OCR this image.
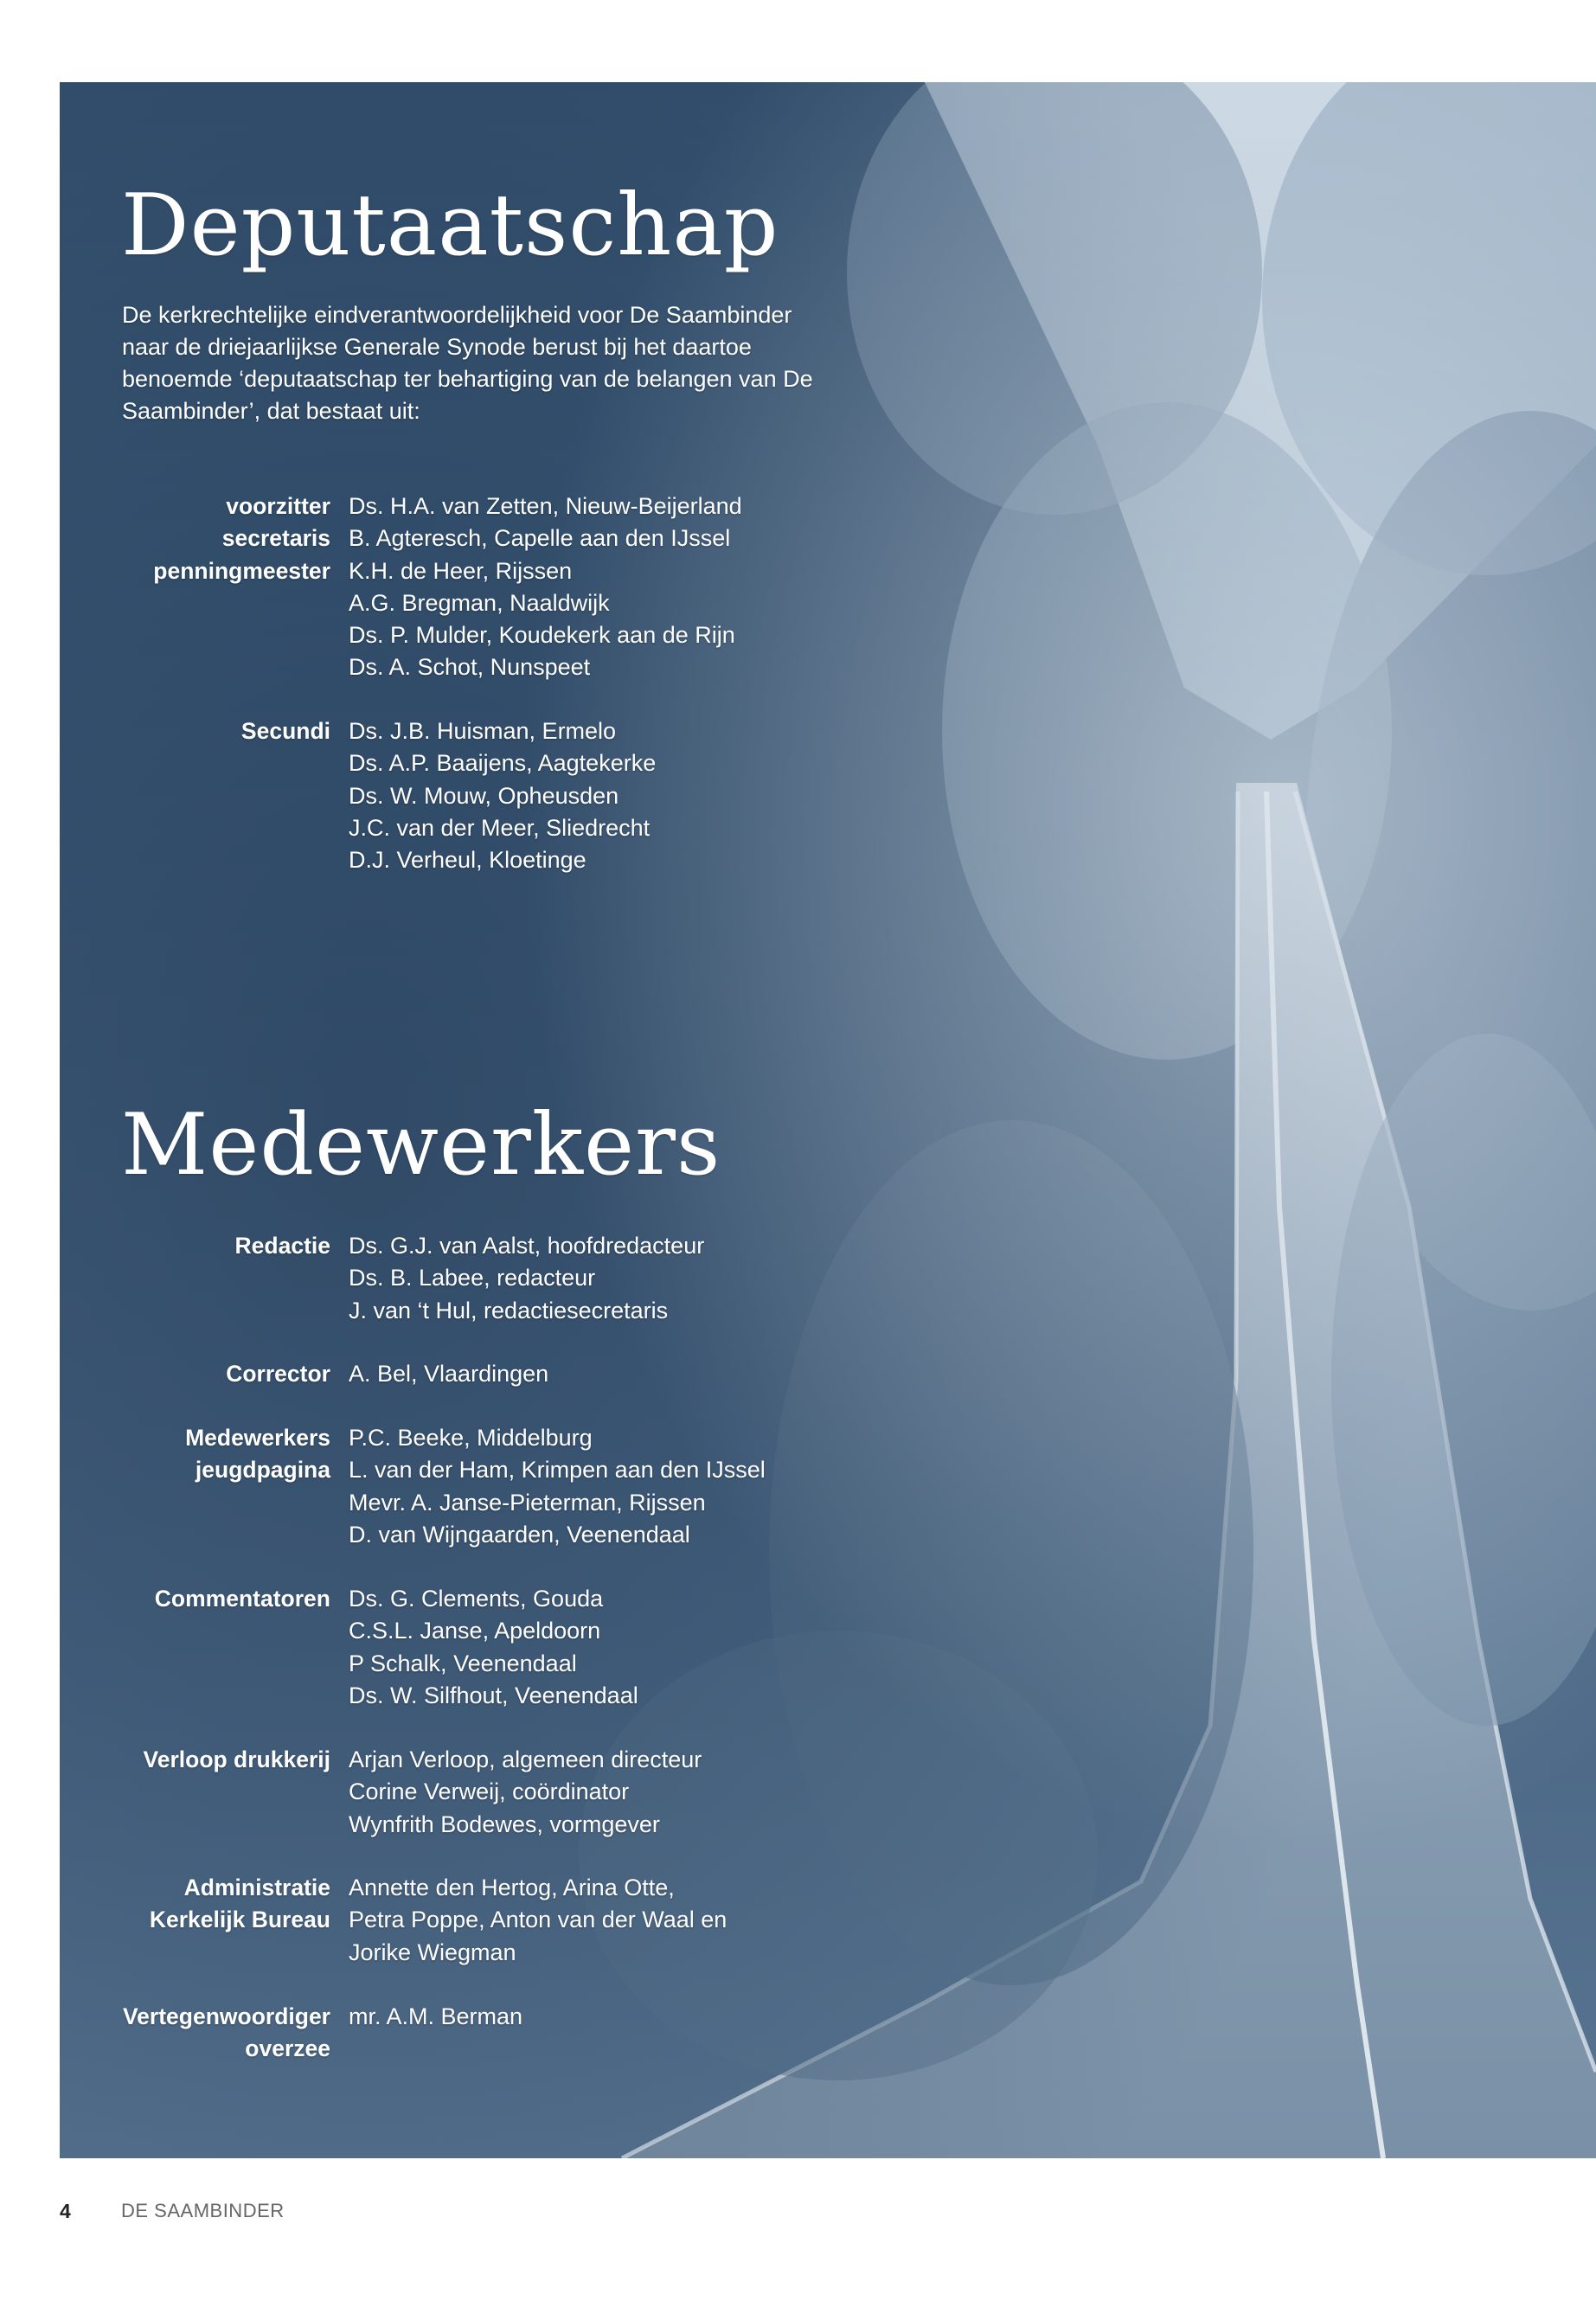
Deputaatschap

De kerkrechtelijke eindverantwoordelijkheid voor De Saambinder naar de driejaarlijkse Generale Synode berust bij het daartoe benoemde ‘deputaatschap ter behartiging van de belangen van De Saambinder’, dat bestaat uit:

voorzitter
secretaris
penningmeester
Ds. H.A. van Zetten, Nieuw-Beijerland
B. Agteresch, Capelle aan den IJssel
K.H. de Heer, Rijssen
A.G. Bregman, Naaldwijk
Ds. P. Mulder, Koudekerk aan de Rijn
Ds. A. Schot, Nunspeet
Secundi Ds. J.B. Huisman, Ermelo
Ds. A.P. Baaijens, Aagtekerke
Ds. W. Mouw, Opheusden
J.C. van der Meer, Sliedrecht
D.J. Verheul, Kloetinge
Medewerkers
Redactie Ds. G.J. van Aalst, hoofdredacteur
Ds. B. Labee, redacteur
J. van ‘t Hul, redactiesecretaris
Corrector A. Bel, Vlaardingen
Medewerkers
jeugdpagina
P.C. Beeke, Middelburg
L. van der Ham, Krimpen aan den IJssel
Mevr. A. Janse-Pieterman, Rijssen
D. van Wijngaarden, Veenendaal
Commentatoren Ds. G. Clements, Gouda
C.S.L. Janse, Apeldoorn
P Schalk, Veenendaal
Ds. W. Silfhout, Veenendaal
Verloop drukkerij Arjan Verloop, algemeen directeur
Corine Verweij, coördinator
Wynfrith Bodewes, vormgever
Administratie
Kerkelijk Bureau
Annette den Hertog, Arina Otte,
Petra Poppe, Anton van der Waal en
Jorike Wiegman
Vertegenwoordiger
overzee
mr. A.M. Berman
4	DE SAAMBINDER
